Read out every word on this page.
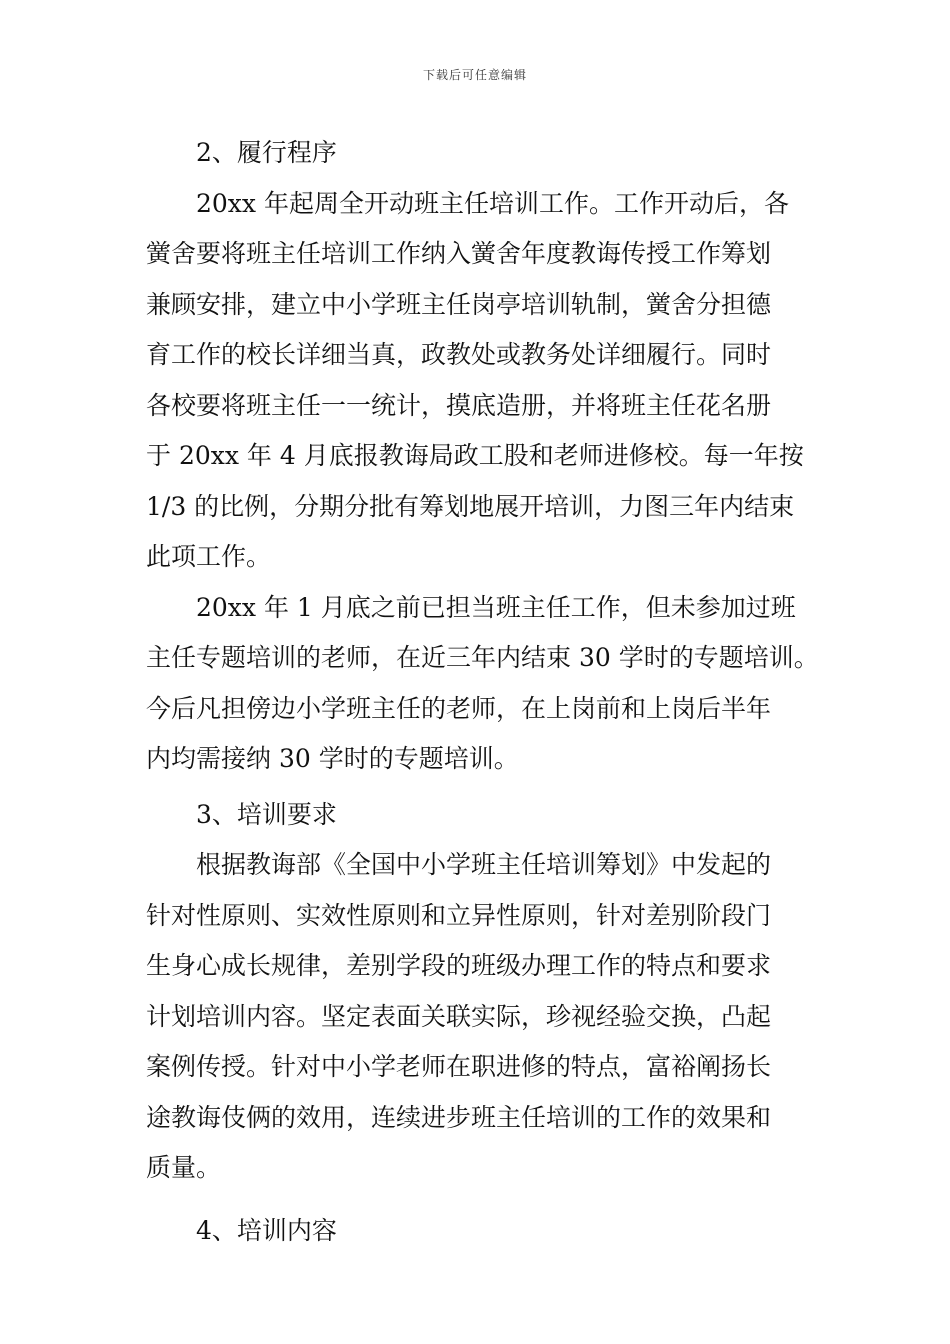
下载后可任意编辑

2、履行程序

20xx 年起周全开动班主任培训工作。工作开动后，各
黉舍要将班主任培训工作纳入黉舍年度教诲传授工作筹划
兼顾安排，建立中小学班主任岗亭培训轨制，黉舍分担德
育工作的校长详细当真，政教处或教务处详细履行。同时
各校要将班主任一一统计，摸底造册，并将班主任花名册
于 20xx 年 4 月底报教诲局政工股和老师进修校。每一年按
1/3 的比例，分期分批有筹划地展开培训，力图三年内结束
此项工作。

20xx 年 1 月底之前已担当班主任工作，但未参加过班
主任专题培训的老师，在近三年内结束 30 学时的专题培训。
今后凡担傍边小学班主任的老师，在上岗前和上岗后半年
内均需接纳 30 学时的专题培训。

3、培训要求

根据教诲部《全国中小学班主任培训筹划》中发起的
针对性原则、实效性原则和立异性原则，针对差别阶段门
生身心成长规律，差别学段的班级办理工作的特点和要求
计划培训内容。坚定表面关联实际，珍视经验交换，凸起
案例传授。针对中小学老师在职进修的特点，富裕阐扬长
途教诲伎俩的效用，连续进步班主任培训的工作的效果和
质量。

4、培训内容
